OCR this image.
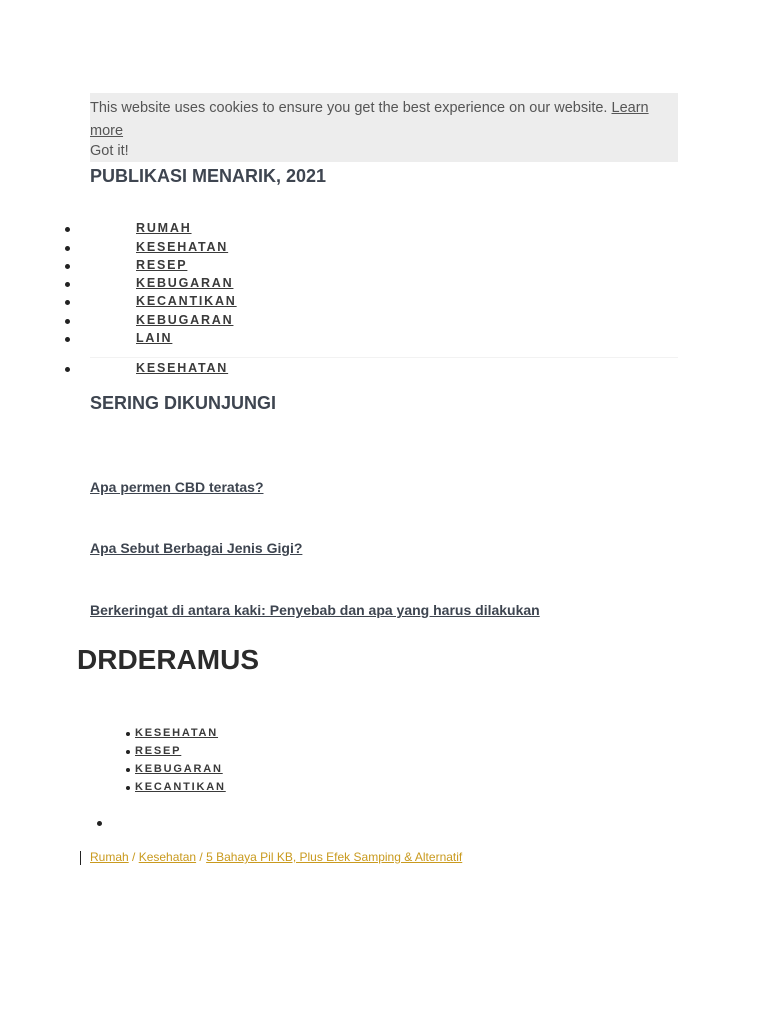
This website uses cookies to ensure you get the best experience on our website. Learn more
Got it!
PUBLIKASI MENARIK, 2021
RUMAH
KESEHATAN
RESEP
KEBUGARAN
KECANTIKAN
KEBUGARAN
LAIN
KESEHATAN
SERING DIKUNJUNGI
Apa permen CBD teratas?
Apa Sebut Berbagai Jenis Gigi?
Berkeringat di antara kaki: Penyebab dan apa yang harus dilakukan
DRDERAMUS
KESEHATAN
RESEP
KEBUGARAN
KECANTIKAN
Rumah / Kesehatan / 5 Bahaya Pil KB, Plus Efek Samping & Alternatif
